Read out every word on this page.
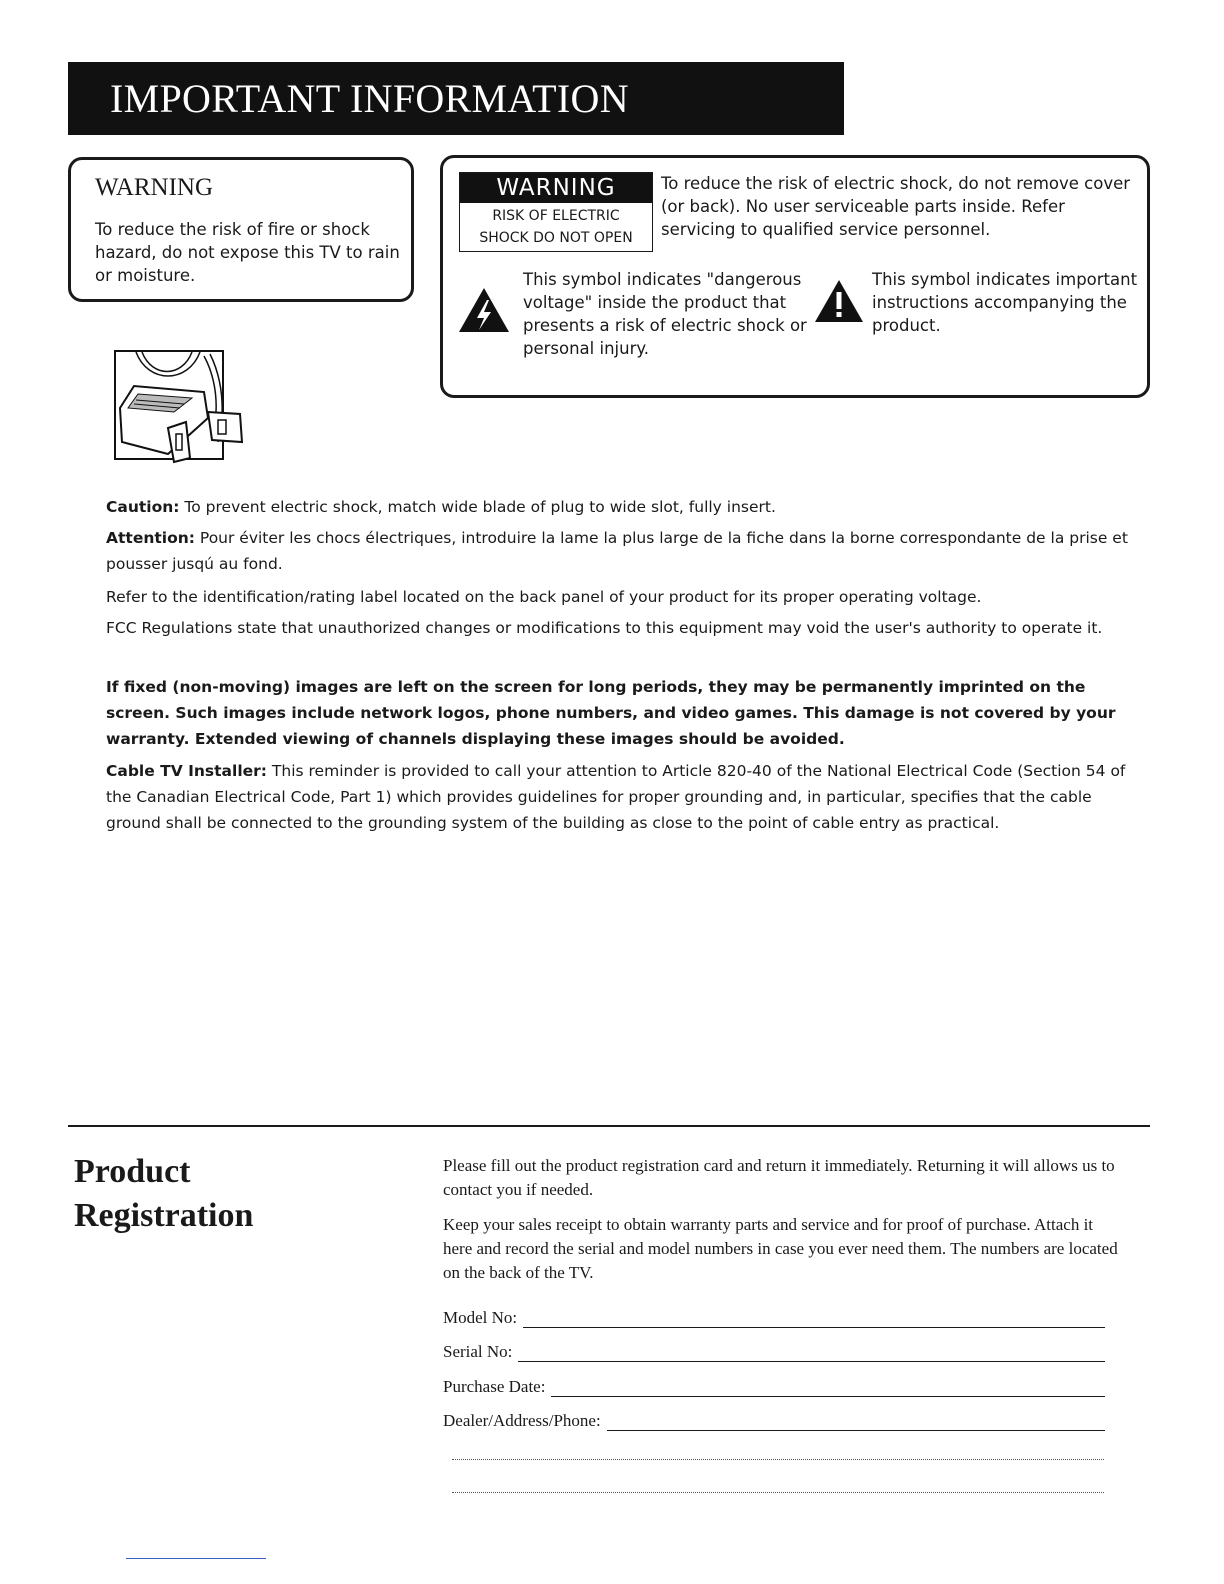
IMPORTANT INFORMATION
WARNING
To reduce the risk of fire or shock hazard, do not expose this TV to rain or moisture.
WARNING
RISK OF ELECTRIC
SHOCK DO NOT OPEN
To reduce the risk of electric shock, do not remove cover (or back). No user serviceable parts inside. Refer servicing to qualified service personnel.
This symbol indicates "dangerous voltage" inside the product that presents a risk of electric shock or personal injury.
This symbol indicates important instructions accompanying the product.
Caution: To prevent electric shock, match wide blade of plug to wide slot, fully insert.
Attention: Pour éviter les chocs électriques, introduire la lame la plus large de la fiche dans la borne correspondante de la prise et pousser jusqú au fond.
Refer to the identification/rating label located on the back panel of your product for its proper operating voltage.
FCC Regulations state that unauthorized changes or modifications to this equipment may void the user's authority to operate it.
If fixed (non-moving) images are left on the screen for long periods, they may be permanently imprinted on the screen. Such images include network logos, phone numbers, and video games. This damage is not covered by your warranty. Extended viewing of channels displaying these images should be avoided.
Cable TV Installer: This reminder is provided to call your attention to Article 820-40 of the National Electrical Code (Section 54 of the Canadian Electrical Code, Part 1) which provides guidelines for proper grounding and, in particular, specifies that the cable ground shall be connected to the grounding system of the building as close to the point of cable entry as practical.
Product
Registration
Please fill out the product registration card and return it immediately. Returning it will allows us to contact you if needed.
Keep your sales receipt to obtain warranty parts and service and for proof of purchase. Attach it here and record the serial and model numbers in case you ever need them. The numbers are located on the back of the TV.
Model No:
Serial No:
Purchase Date:
Dealer/Address/Phone:
